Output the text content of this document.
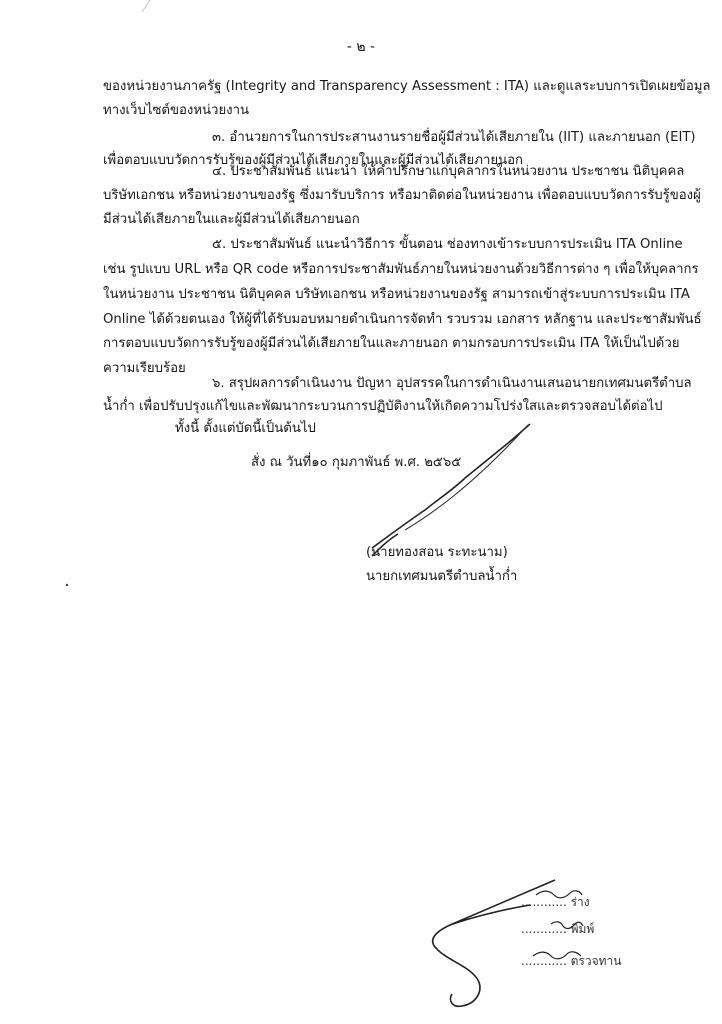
- ๒ -
ของหน่วยงานภาครัฐ (Integrity and Transparency Assessment : ITA) และดูแลระบบการเปิดเผยข้อมูล
ทางเว็บไซต์ของหน่วยงาน
๓. อำนวยการในการประสานงานรายชื่อผู้มีส่วนได้เสียภายใน (IIT) และภายนอก (EIT)
เพื่อตอบแบบวัดการรับรู้ของผู้มีส่วนได้เสียภายในและผู้มีส่วนได้เสียภายนอก
๔. ประชาสัมพันธ์ แนะนำ ให้คำปรึกษาแก่บุคลากรในหน่วยงาน ประชาชน นิติบุคคล
บริษัทเอกชน หรือหน่วยงานของรัฐ ซึ่งมารับบริการ หรือมาติดต่อในหน่วยงาน เพื่อตอบแบบวัดการรับรู้ของผู้
มีส่วนได้เสียภายในและผู้มีส่วนได้เสียภายนอก
๕. ประชาสัมพันธ์ แนะนำวิธีการ ขั้นตอน ช่องทางเข้าระบบการประเมิน ITA Online
เช่น รูปแบบ URL หรือ QR code หรือการประชาสัมพันธ์ภายในหน่วยงานด้วยวิธีการต่าง ๆ เพื่อให้บุคลากร
ในหน่วยงาน ประชาชน นิติบุคคล บริษัทเอกชน หรือหน่วยงานของรัฐ สามารถเข้าสู่ระบบการประเมิน ITA
Online ได้ด้วยตนเอง ให้ผู้ที่ได้รับมอบหมายดำเนินการจัดทำ รวบรวม เอกสาร หลักฐาน และประชาสัมพันธ์
การตอบแบบวัดการรับรู้ของผู้มีส่วนได้เสียภายในและภายนอก ตามกรอบการประเมิน ITA ให้เป็นไปด้วย
ความเรียบร้อย
๖. สรุปผลการดำเนินงาน ปัญหา อุปสรรคในการดำเนินงานเสนอนายกเทศมนตรีตำบล
น้ำก่ำ เพื่อปรับปรุงแก้ไขและพัฒนากระบวนการปฏิบัติงานให้เกิดความโปร่งใสและตรวจสอบได้ต่อไป
ทั้งนี้ ตั้งแต่บัดนี้เป็นต้นไป
สั่ง ณ วันที่๑๐ กุมภาพันธ์ พ.ศ. ๒๕๖๕
(นายทองสอน ระทะนาม)
นายกเทศมนตรีตำบลน้ำก่ำ
............ ร่าง
............ พิมพ์
............ ตรวจทาน
